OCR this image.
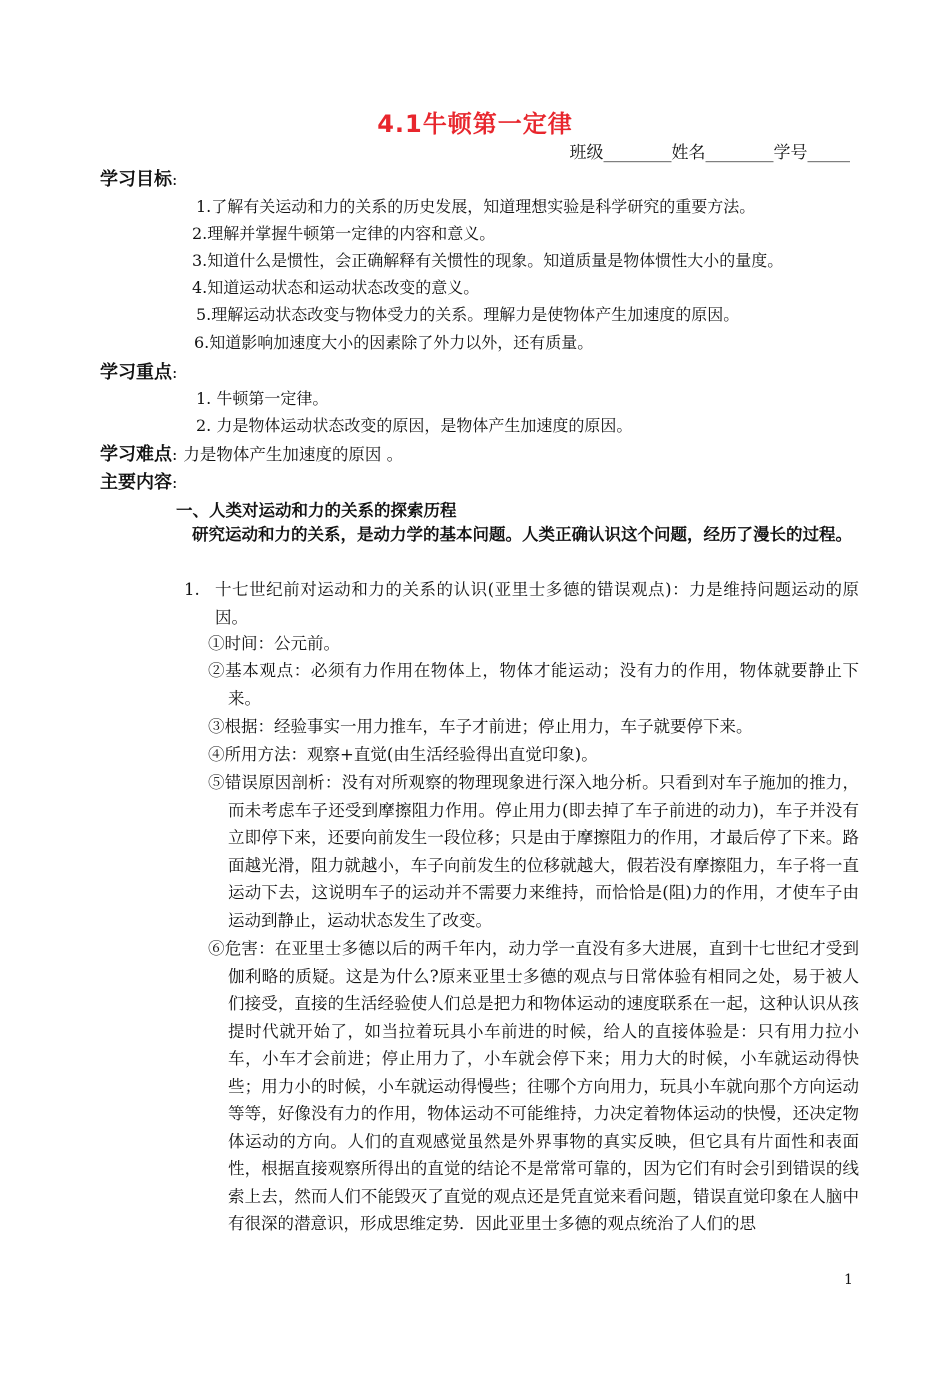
4.1牛顿第一定律
班级________姓名________学号_____
学习目标:
1.了解有关运动和力的关系的历史发展，知道理想实验是科学研究的重要方法。
2.理解并掌握牛顿第一定律的内容和意义。
3.知道什么是惯性，会正确解释有关惯性的现象。知道质量是物体惯性大小的量度。
4.知道运动状态和运动状态改变的意义。
5.理解运动状态改变与物体受力的关系。理解力是使物体产生加速度的原因。
6.知道影响加速度大小的因素除了外力以外，还有质量。
学习重点:
1. 牛顿第一定律。
2. 力是物体运动状态改变的原因，是物体产生加速度的原因。
学习难点: 力是物体产生加速度的原因 。
主要内容:
一、人类对运动和力的关系的探索历程
研究运动和力的关系，是动力学的基本问题。人类正确认识这个问题，经历了漫长的过程。
1. 十七世纪前对运动和力的关系的认识(亚里士多德的错误观点)：力是维持问题运动的原因。
①时间：公元前。
②基本观点：必须有力作用在物体上，物体才能运动；没有力的作用，物体就要静止下来。
③根据：经验事实一用力推车，车子才前进；停止用力，车子就要停下来。
④所用方法：观察+直觉(由生活经验得出直觉印象)。
⑤错误原因剖析：没有对所观察的物理现象进行深入地分析。只看到对车子施加的推力，而未考虑车子还受到摩擦阻力作用。停止用力(即去掉了车子前进的动力)，车子并没有立即停下来，还要向前发生一段位移；只是由于摩擦阻力的作用，才最后停了下来。路面越光滑，阻力就越小，车子向前发生的位移就越大，假若没有摩擦阻力，车子将一直运动下去，这说明车子的运动并不需要力来维持，而恰恰是(阻)力的作用，才使车子由运动到静止，运动状态发生了改变。
⑥危害：在亚里士多德以后的两千年内，动力学一直没有多大进展，直到十七世纪才受到伽利略的质疑。这是为什么?原来亚里士多德的观点与日常体验有相同之处，易于被人们接受，直接的生活经验使人们总是把力和物体运动的速度联系在一起，这种认识从孩提时代就开始了，如当拉着玩具小车前进的时候，给人的直接体验是：只有用力拉小车，小车才会前进；停止用力了，小车就会停下来；用力大的时候，小车就运动得快些；用力小的时候，小车就运动得慢些；往哪个方向用力，玩具小车就向那个方向运动等等，好像没有力的作用，物体运动不可能维持，力决定着物体运动的快慢，还决定物体运动的方向。人们的直观感觉虽然是外界事物的真实反映，但它具有片面性和表面性，根据直接观察所得出的直觉的结论不是常常可靠的，因为它们有时会引到错误的线索上去，然而人们不能毁灭了直觉的观点还是凭直觉来看问题，错误直觉印象在人脑中有很深的潜意识，形成思维定势．因此亚里士多德的观点统治了人们的思
1
